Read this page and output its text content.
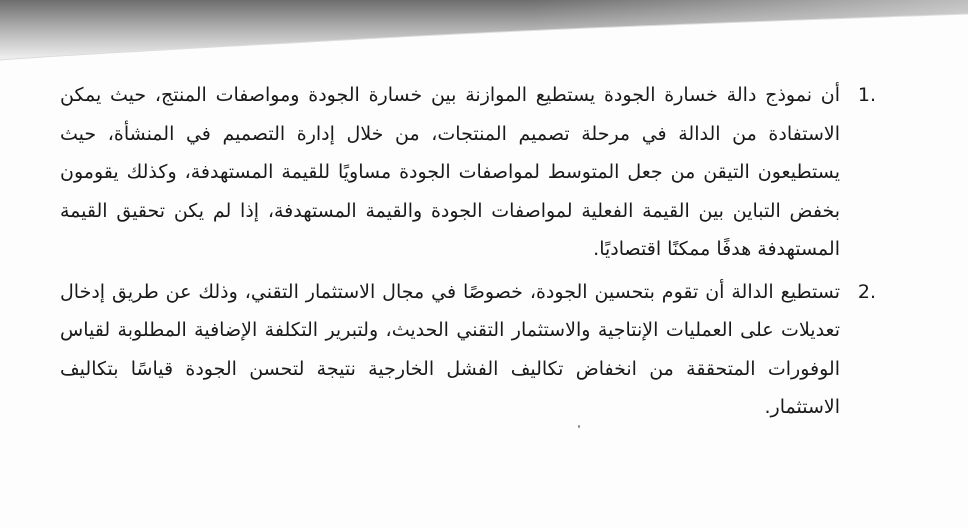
1.
أن نموذج دالة خسارة الجودة يستطيع الموازنة بين خسارة الجودة ومواصفات المنتج، حيث يمكن الاستفادة من الدالة في مرحلة تصميم المنتجات، من خلال إدارة التصميم في المنشأة، حيث يستطيعون التيقن من جعل المتوسط لمواصفات الجودة مساويًا للقيمة المستهدفة، وكذلك يقومون بخفض التباين بين القيمة الفعلية لمواصفات الجودة والقيمة المستهدفة، إذا لم يكن تحقيق القيمة المستهدفة هدفًا ممكنًا اقتصاديًا.
2.
تستطيع الدالة أن تقوم بتحسين الجودة، خصوصًا في مجال الاستثمار التقني، وذلك عن طريق إدخال تعديلات على العمليات الإنتاجية والاستثمار التقني الحديث، ولتبرير التكلفة الإضافية المطلوبة لقياس الوفورات المتحققة من انخفاض تكاليف الفشل الخارجية نتيجة لتحسن الجودة قياسًا بتكاليف الاستثمار.
